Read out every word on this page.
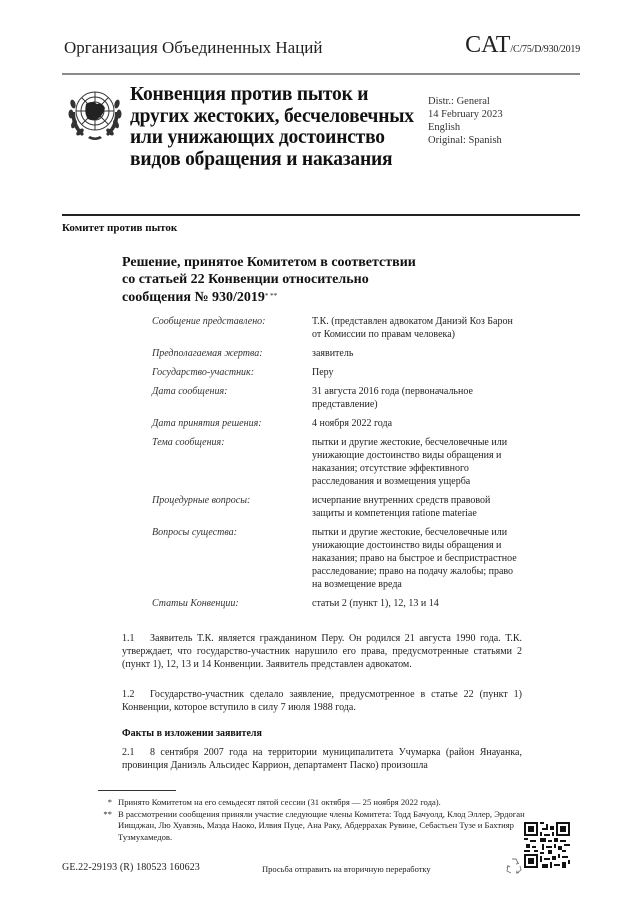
Организация Объединенных Наций	CAT/C/75/D/930/2019
Конвенция против пыток и
других жестоких, бесчеловечных
или унижающих достоинство
видов обращения и наказания
Distr.: General
14 February 2023
English
Original: Spanish
Комитет против пыток
Решение, принятое Комитетом в соответствии
со статьей 22 Конвенции относительно
сообщения № 930/2019* **
Сообщение представлено:	Т.К. (представлен адвокатом Даниэй Коз Барон от Комиссии по правам человека)
Предполагаемая жертва:	заявитель
Государство-участник:	Перу
Дата сообщения:	31 августа 2016 года (первоначальное представление)
Дата принятия решения:	4 ноября 2022 года
Тема сообщения:	пытки и другие жестокие, бесчеловечные или унижающие достоинство виды обращения и наказания; отсутствие эффективного расследования и возмещения ущерба
Процедурные вопросы:	исчерпание внутренних средств правовой защиты и компетенция ratione materiae
Вопросы существа:	пытки и другие жестокие, бесчеловечные или унижающие достоинство виды обращения и наказания; право на быстрое и беспристрастное расследование; право на подачу жалобы; право на возмещение вреда
Статьи Конвенции:	статьи 2 (пункт 1), 12, 13 и 14
1.1 Заявитель Т.К. является гражданином Перу. Он родился 21 августа 1990 года. Т.К. утверждает, что государство-участник нарушило его права, предусмотренные статьями 2 (пункт 1), 12, 13 и 14 Конвенции. Заявитель представлен адвокатом.
1.2 Государство-участник сделало заявление, предусмотренное в статье 22 (пункт 1) Конвенции, которое вступило в силу 7 июля 1988 года.
Факты в изложении заявителя
2.1 8 сентября 2007 года на территории муниципалитета Учумарка (район Янауанка, провинция Даниэль Альсидес Каррион, департамент Паско) произошла
* Принято Комитетом на его семьдесят пятой сессии (31 октября — 25 ноября 2022 года).
** В рассмотрении сообщения приняли участие следующие члены Комитета: Тодд Бачуолд, Клод Эллер, Эрдоган Иишджан, Лю Хуавэнь, Маэда Наоко, Илвия Пуце, Ана Раку, Абдеррахак Рувине, Себастьен Тузе и Бахтияр Тузмухамедов.
GE.22-29193 (R) 180523 160623	Просьба отправить на вторичную переработку
